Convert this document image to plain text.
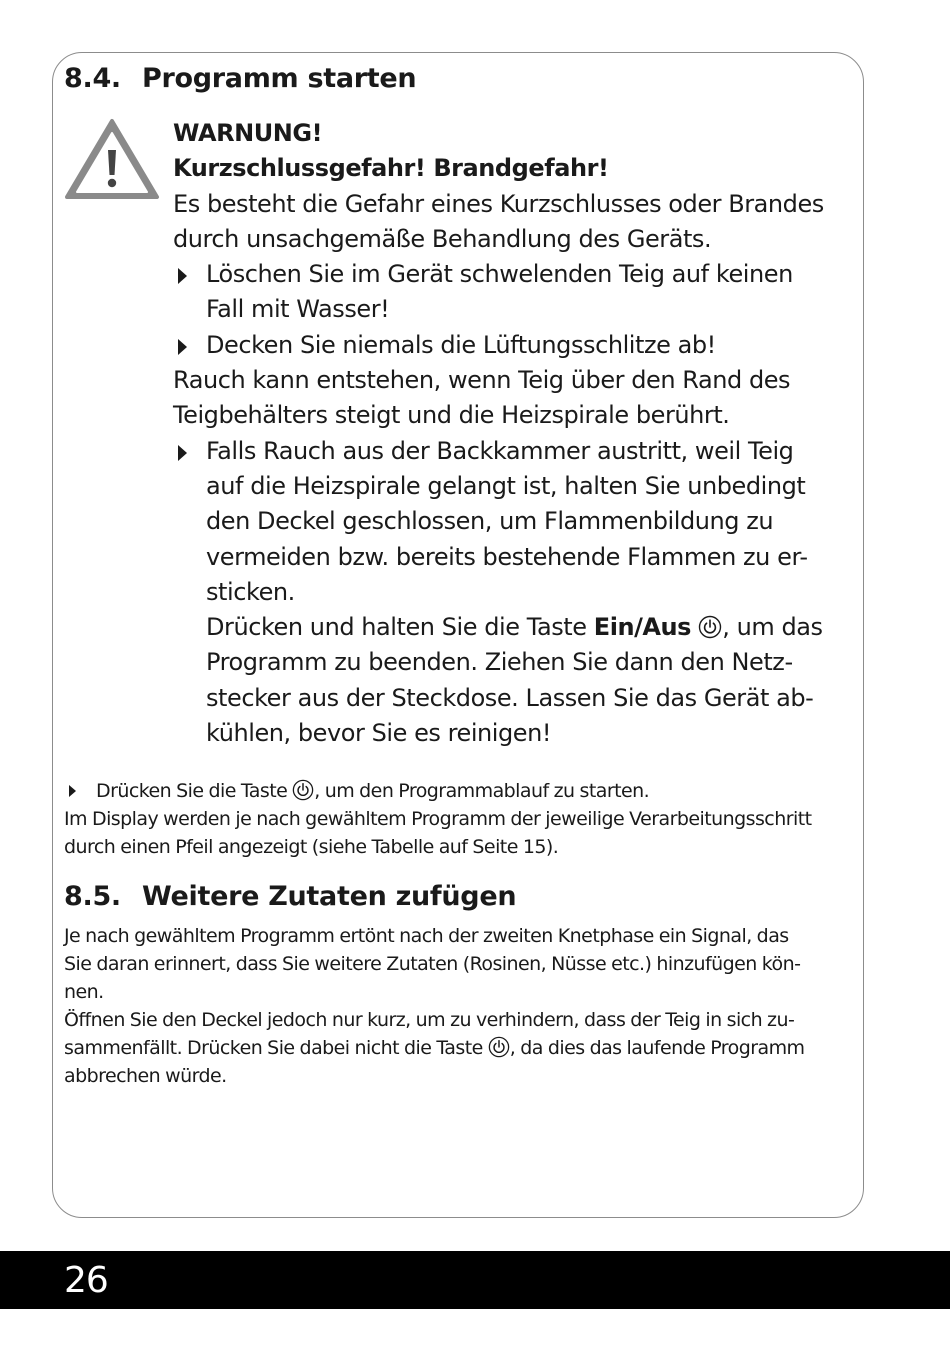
8.4. Programm starten

WARNUNG!

Kurzschlussgefahr! Brandgefahr!

Es besteht die Gefahr eines Kurzschlusses oder Brandes

durch unsachgemäße Behandlung des Geräts.

Löschen Sie im Gerät schwelenden Teig auf keinen

Fall mit Wasser!

Decken Sie niemals die Lüftungsschlitze ab!

Rauch kann entstehen, wenn Teig über den Rand des

Teigbehälters steigt und die Heizspirale berührt.

Falls Rauch aus der Backkammer austritt, weil Teig

auf die Heizspirale gelangt ist, halten Sie unbedingt

den Deckel geschlossen, um Flammenbildung zu

vermeiden bzw. bereits bestehende Flammen zu er-

sticken.

Drücken und halten Sie die Taste Ein/Aus , um das

Programm zu beenden. Ziehen Sie dann den Netz-

stecker aus der Steckdose. Lassen Sie das Gerät ab-

kühlen, bevor Sie es reinigen!

Drücken Sie die Taste , um den Programmablauf zu starten.

Im Display werden je nach gewähltem Programm der jeweilige Verarbeitungsschritt

durch einen Pfeil angezeigt (siehe Tabelle auf Seite 15).

8.5. Weitere Zutaten zufügen

Je nach gewähltem Programm ertönt nach der zweiten Knetphase ein Signal, das

Sie daran erinnert, dass Sie weitere Zutaten (Rosinen, Nüsse etc.) hinzufügen kön-

nen.

Öffnen Sie den Deckel jedoch nur kurz, um zu verhindern, dass der Teig in sich zu-

sammenfällt. Drücken Sie dabei nicht die Taste , da dies das laufende Programm

abbrechen würde.

26
